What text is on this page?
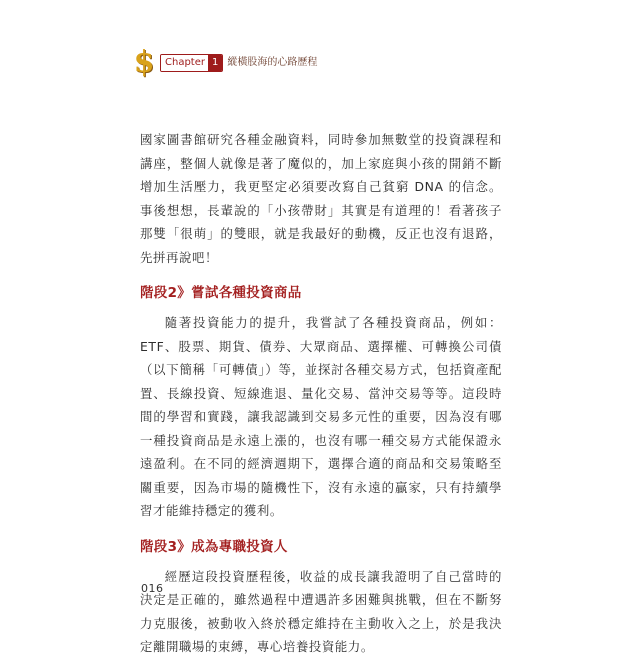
$	Chapter 1 縱橫股海的心路歷程

國家圖書館研究各種金融資料，同時參加無數堂的投資課程和講座，整個人就像是著了魔似的，加上家庭與小孩的開銷不斷增加生活壓力，我更堅定必須要改寫自己貧窮 DNA 的信念。事後想想，長輩說的「小孩帶財」其實是有道理的！看著孩子那雙「很萌」的雙眼，就是我最好的動機，反正也沒有退路，先拼再說吧！

階段2》嘗試各種投資商品

隨著投資能力的提升，我嘗試了各種投資商品，例如：ETF、股票、期貨、債券、大眾商品、選擇權、可轉換公司債（以下簡稱「可轉債」）等，並探討各種交易方式，包括資產配置、長線投資、短線進退、量化交易、當沖交易等等。這段時間的學習和實踐，讓我認識到交易多元性的重要，因為沒有哪一種投資商品是永遠上漲的，也沒有哪一種交易方式能保證永遠盈利。在不同的經濟週期下，選擇合適的商品和交易策略至關重要，因為市場的隨機性下，沒有永遠的贏家，只有持續學習才能維持穩定的獲利。

階段3》成為專職投資人

經歷這段投資歷程後，收益的成長讓我證明了自己當時的決定是正確的，雖然過程中遭遇許多困難與挑戰，但在不斷努力克服後，被動收入終於穩定維持在主動收入之上，於是我決定離開職場的束縛，專心培養投資能力。

016
